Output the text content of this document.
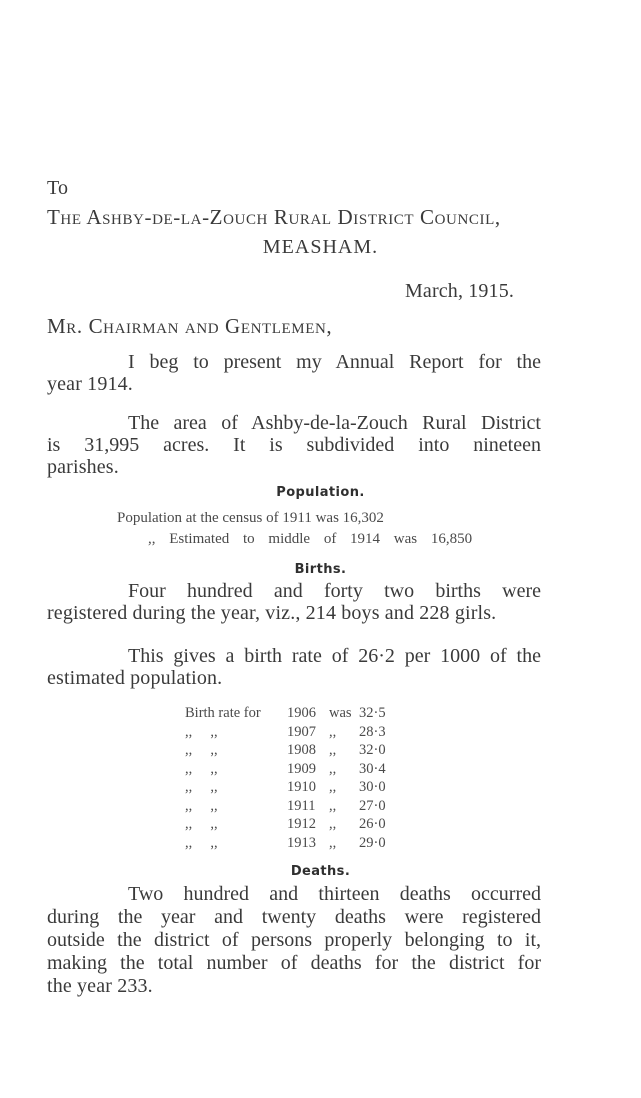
To
The Ashby-de-la-Zouch Rural District Council,
MEASHAM.
March, 1915.
Mr. Chairman and Gentlemen,
I beg to present my Annual Report for the
year 1914.
The area of Ashby-de-la-Zouch Rural District
is 31,995 acres. It is subdivided into nineteen
parishes.
Population.
Population at the census of 1911 was 16,302
,, Estimated to middle of 1914 was 16,850
Births.
Four hundred and forty two births were
registered during the year, viz., 214 boys and 228 girls.
This gives a birth rate of 26·2 per 1000 of the
estimated population.
Birth rate for	1906	was	32·5
,,     ,,	1907	,,	28·3
,,     ,,	1908	,,	32·0
,,     ,,	1909	,,	30·4
,,     ,,	1910	,,	30·0
,,     ,,	1911	,,	27·0
,,     ,,	1912	,,	26·0
,,     ,,	1913	,,	29·0
Deaths.
Two hundred and thirteen deaths occurred
during the year and twenty deaths were registered
outside the district of persons properly belonging to it,
making the total number of deaths for the district for
the year 233.
